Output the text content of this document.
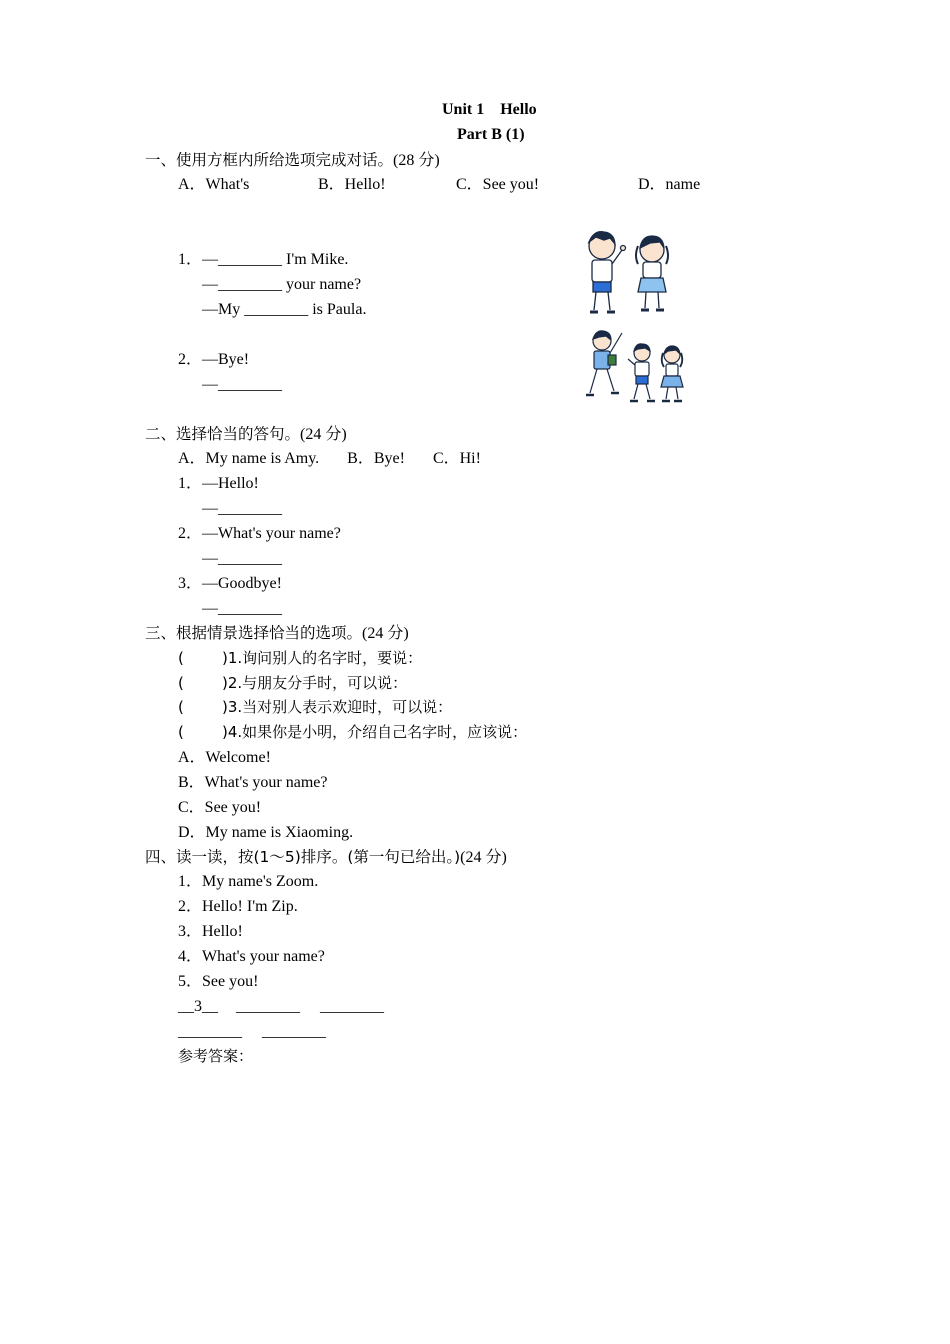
Unit 1    Hello
Part B (1)
一、使用方框内所给选项完成对话。(28 分)
A．What's	B．Hello!	C．See you!	D．name
1．—________ I'm Mike.
—________ your name?
—My ________ is Paula.
2．—Bye!
—________
二、选择恰当的答句。(24 分)
A．My name is Amy.       B．Bye!       C．Hi!
1．—Hello!
—________
2．—What's your name?
—________
3．—Goodbye!
—________
三、根据情景选择恰当的选项。(24 分)
(        )1.询问别人的名字时，要说：
(        )2.与朋友分手时，可以说：
(        )3.当对别人表示欢迎时，可以说：
(        )4.如果你是小明，介绍自己名字时，应该说：
A．Welcome!
B．What's your name?
C．See you!
D．My name is Xiaoming.
四、读一读，按(1～5)排序。(第一句已给出。)(24 分)
1．My name's Zoom.
2．Hello! I'm Zip.
3．Hello!
4．What's your name?
5．See you!
__3__ ________ ________
________ ________
参考答案：
